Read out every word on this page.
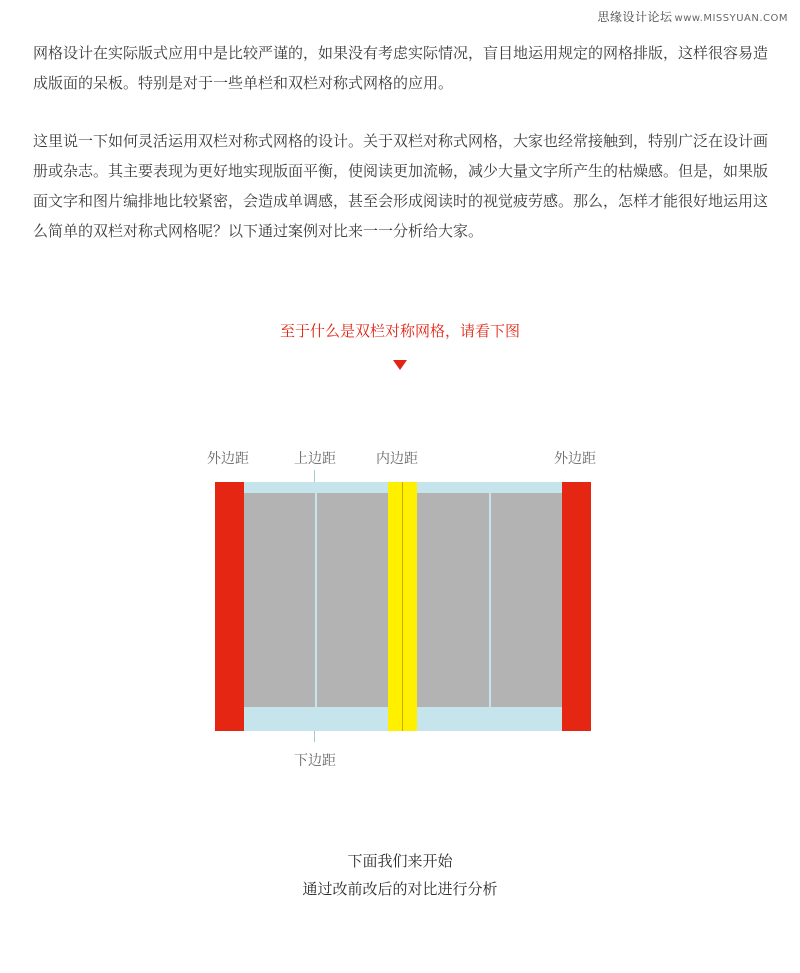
思缘设计论坛 www.MISSYUAN.COM

网格设计在实际版式应用中是比较严谨的，如果没有考虑实际情况，盲目地运用规定的网格排版，这样很容易造成版面的呆板。特别是对于一些单栏和双栏对称式网格的应用。

这里说一下如何灵活运用双栏对称式网格的设计。关于双栏对称式网格，大家也经常接触到，特别广泛在设计画册或杂志。其主要表现为更好地实现版面平衡，使阅读更加流畅，减少大量文字所产生的枯燥感。但是，如果版面文字和图片编排地比较紧密，会造成单调感，甚至会形成阅读时的视觉疲劳感。那么，怎样才能很好地运用这么简单的双栏对称式网格呢？以下通过案例对比来一一分析给大家。

至于什么是双栏对称网格，请看下图

外边距	上边距	内边距	外边距
下边距

下面我们来开始

通过改前改后的对比进行分析
